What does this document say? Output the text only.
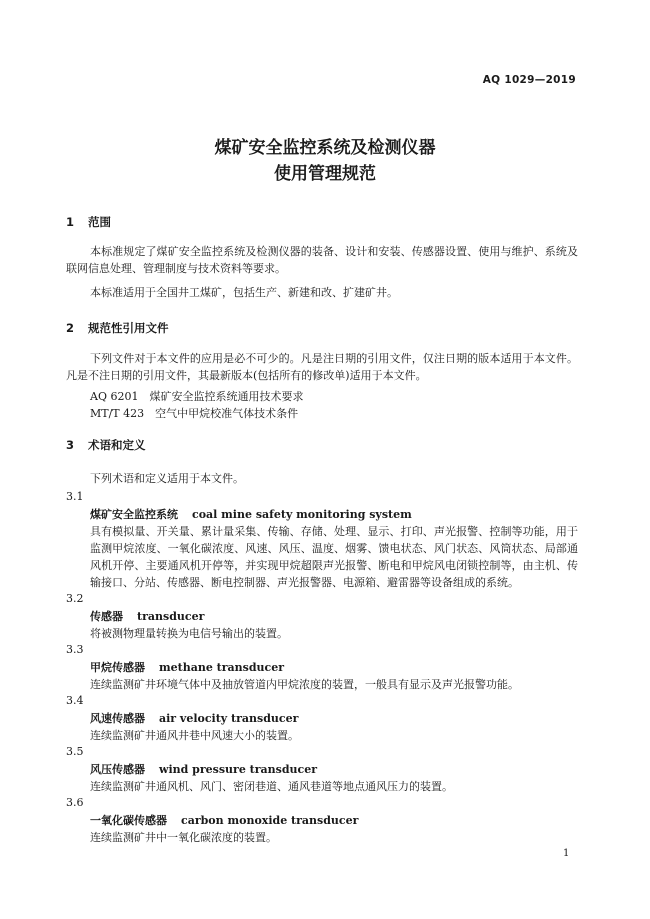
AQ 1029—2019
煤矿安全监控系统及检测仪器
使用管理规范
1 范围
本标准规定了煤矿安全监控系统及检测仪器的装备、设计和安装、传感器设置、使用与维护、系统及联网信息处理、管理制度与技术资料等要求。
本标准适用于全国井工煤矿，包括生产、新建和改、扩建矿井。
2 规范性引用文件
下列文件对于本文件的应用是必不可少的。凡是注日期的引用文件，仅注日期的版本适用于本文件。凡是不注日期的引用文件，其最新版本(包括所有的修改单)适用于本文件。
AQ 6201　煤矿安全监控系统通用技术要求
MT/T 423　空气中甲烷校准气体技术条件
3 术语和定义
下列术语和定义适用于本文件。
3.1
煤矿安全监控系统 coal mine safety monitoring system
具有模拟量、开关量、累计量采集、传输、存储、处理、显示、打印、声光报警、控制等功能，用于监测甲烷浓度、一氧化碳浓度、风速、风压、温度、烟雾、馈电状态、风门状态、风筒状态、局部通风机开停、主要通风机开停等，并实现甲烷超限声光报警、断电和甲烷风电闭锁控制等，由主机、传输接口、分站、传感器、断电控制器、声光报警器、电源箱、避雷器等设备组成的系统。
3.2
传感器 transducer
将被测物理量转换为电信号输出的装置。
3.3
甲烷传感器 methane transducer
连续监测矿井环境气体中及抽放管道内甲烷浓度的装置，一般具有显示及声光报警功能。
3.4
风速传感器 air velocity transducer
连续监测矿井通风井巷中风速大小的装置。
3.5
风压传感器 wind pressure transducer
连续监测矿井通风机、风门、密闭巷道、通风巷道等地点通风压力的装置。
3.6
一氧化碳传感器 carbon monoxide transducer
连续监测矿井中一氧化碳浓度的装置。
1
